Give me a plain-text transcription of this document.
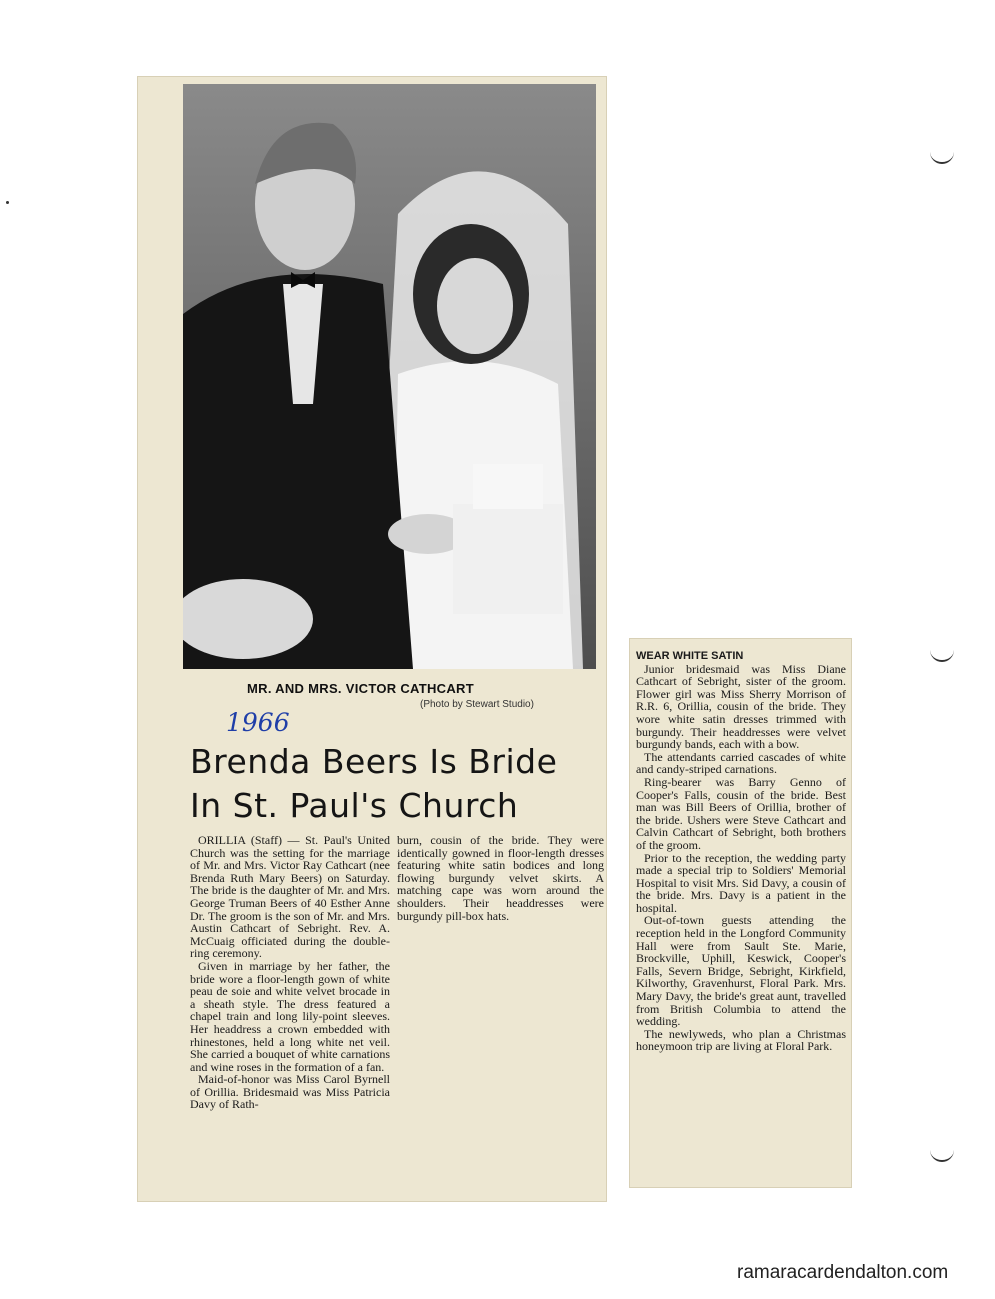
MR. AND MRS. VICTOR CATHCART
(Photo by Stewart Studio)
1966
Brenda Beers Is Bride
In St. Paul's Church

ORILLIA (Staff) — St. Paul's United Church was the setting for the marriage of Mr. and Mrs. Victor Ray Cathcart (nee Brenda Ruth Mary Beers) on Saturday. The bride is the daughter of Mr. and Mrs. George Truman Beers of 40 Esther Anne Dr. The groom is the son of Mr. and Mrs. Austin Cathcart of Sebright. Rev. A. McCuaig officiated during the double-ring ceremony.

Given in marriage by her father, the bride wore a floor-length gown of white peau de soie and white velvet brocade in a sheath style. The dress featured a chapel train and long lily-point sleeves. Her headdress a crown embedded with rhinestones, held a long white net veil. She carried a bouquet of white carnations and wine roses in the formation of a fan.

Maid-of-honor was Miss Carol Byrnell of Orillia. Bridesmaid was Miss Patricia Davy of Rath-

burn, cousin of the bride. They were identically gowned in floor-length dresses featuring white satin bodices and long flowing burgundy velvet skirts. A matching cape was worn around the shoulders. Their headdresses were burgundy pill-box hats.

WEAR WHITE SATIN

Junior bridesmaid was Miss Diane Cathcart of Sebright, sister of the groom. Flower girl was Miss Sherry Morrison of R.R. 6, Orillia, cousin of the bride. They wore white satin dresses trimmed with burgundy. Their headdresses were velvet burgundy bands, each with a bow.

The attendants carried cascades of white and candy-striped carnations.

Ring-bearer was Barry Genno of Cooper's Falls, cousin of the bride. Best man was Bill Beers of Orillia, brother of the bride. Ushers were Steve Cathcart and Calvin Cathcart of Sebright, both brothers of the groom.

Prior to the reception, the wedding party made a special trip to Soldiers' Memorial Hospital to visit Mrs. Sid Davy, a cousin of the bride. Mrs. Davy is a patient in the hospital.

Out-of-town guests attending the reception held in the Longford Community Hall were from Sault Ste. Marie, Brockville, Uphill, Keswick, Cooper's Falls, Severn Bridge, Sebright, Kirkfield, Kilworthy, Gravenhurst, Floral Park. Mrs. Mary Davy, the bride's great aunt, travelled from British Columbia to attend the wedding.

The newlyweds, who plan a Christmas honeymoon trip are living at Floral Park.

ramaracardendalton.com
